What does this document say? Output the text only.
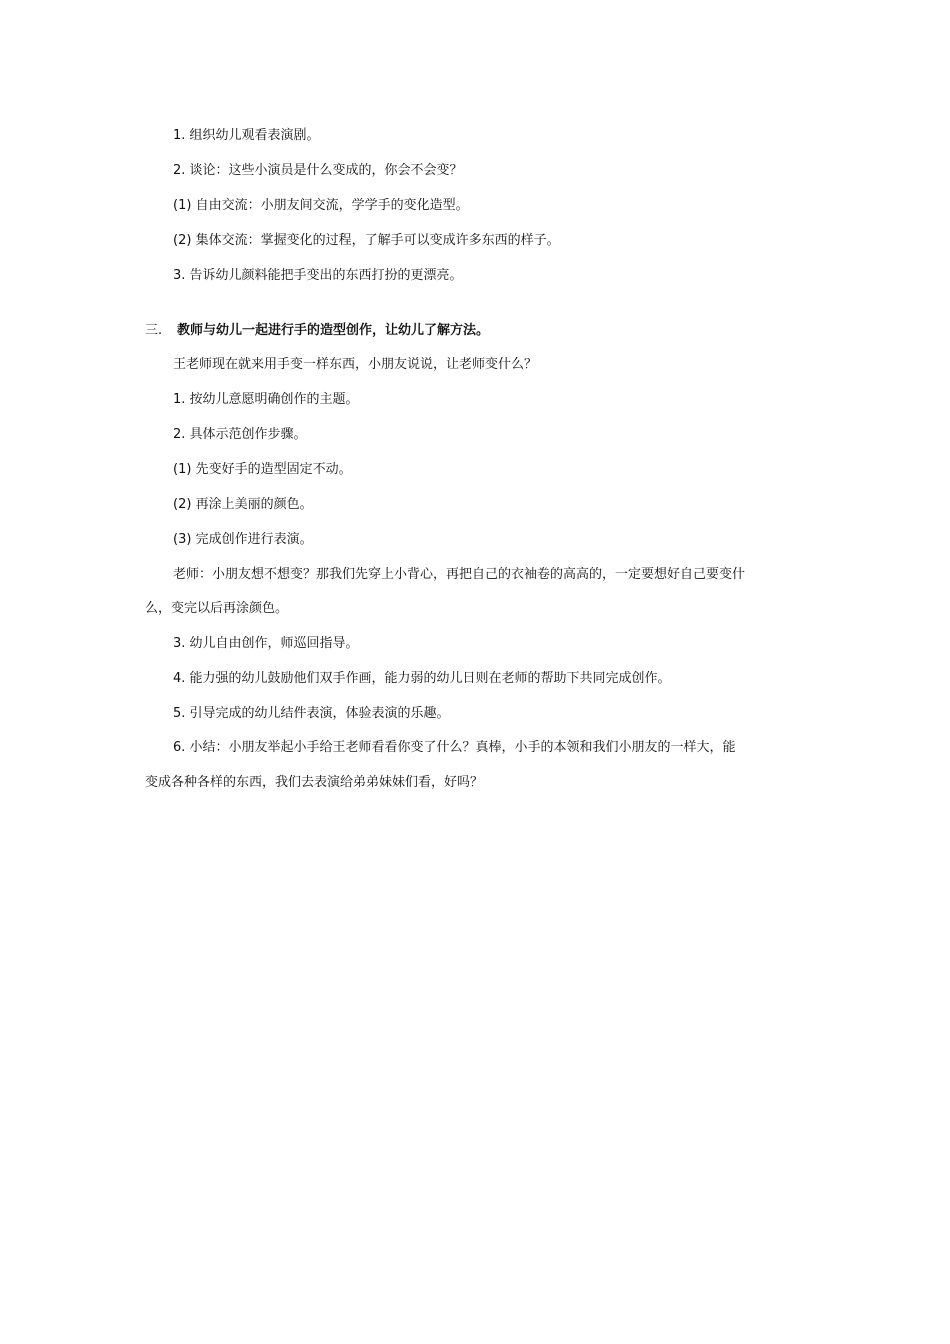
1. 组织幼儿观看表演剧。
2. 谈论：这些小演员是什么变成的，你会不会变？
(1) 自由交流：小朋友间交流，学学手的变化造型。
(2) 集体交流：掌握变化的过程，了解手可以变成许多东西的样子。
3. 告诉幼儿颜料能把手变出的东西打扮的更漂亮。
三. 教师与幼儿一起进行手的造型创作，让幼儿了解方法。
王老师现在就来用手变一样东西，小朋友说说，让老师变什么？
1. 按幼儿意愿明确创作的主题。
2. 具体示范创作步骤。
(1) 先变好手的造型固定不动。
(2) 再涂上美丽的颜色。
(3) 完成创作进行表演。
老师：小朋友想不想变？那我们先穿上小背心，再把自己的衣袖卷的高高的，一定要想好自己要变什
么，变完以后再涂颜色。
3. 幼儿自由创作，师巡回指导。
4. 能力强的幼儿鼓励他们双手作画，能力弱的幼儿日则在老师的帮助下共同完成创作。
5. 引导完成的幼儿结件表演，体验表演的乐趣。
6. 小结：小朋友举起小手给王老师看看你变了什么？真棒，小手的本领和我们小朋友的一样大，能
变成各种各样的东西，我们去表演给弟弟妹妹们看，好吗？
